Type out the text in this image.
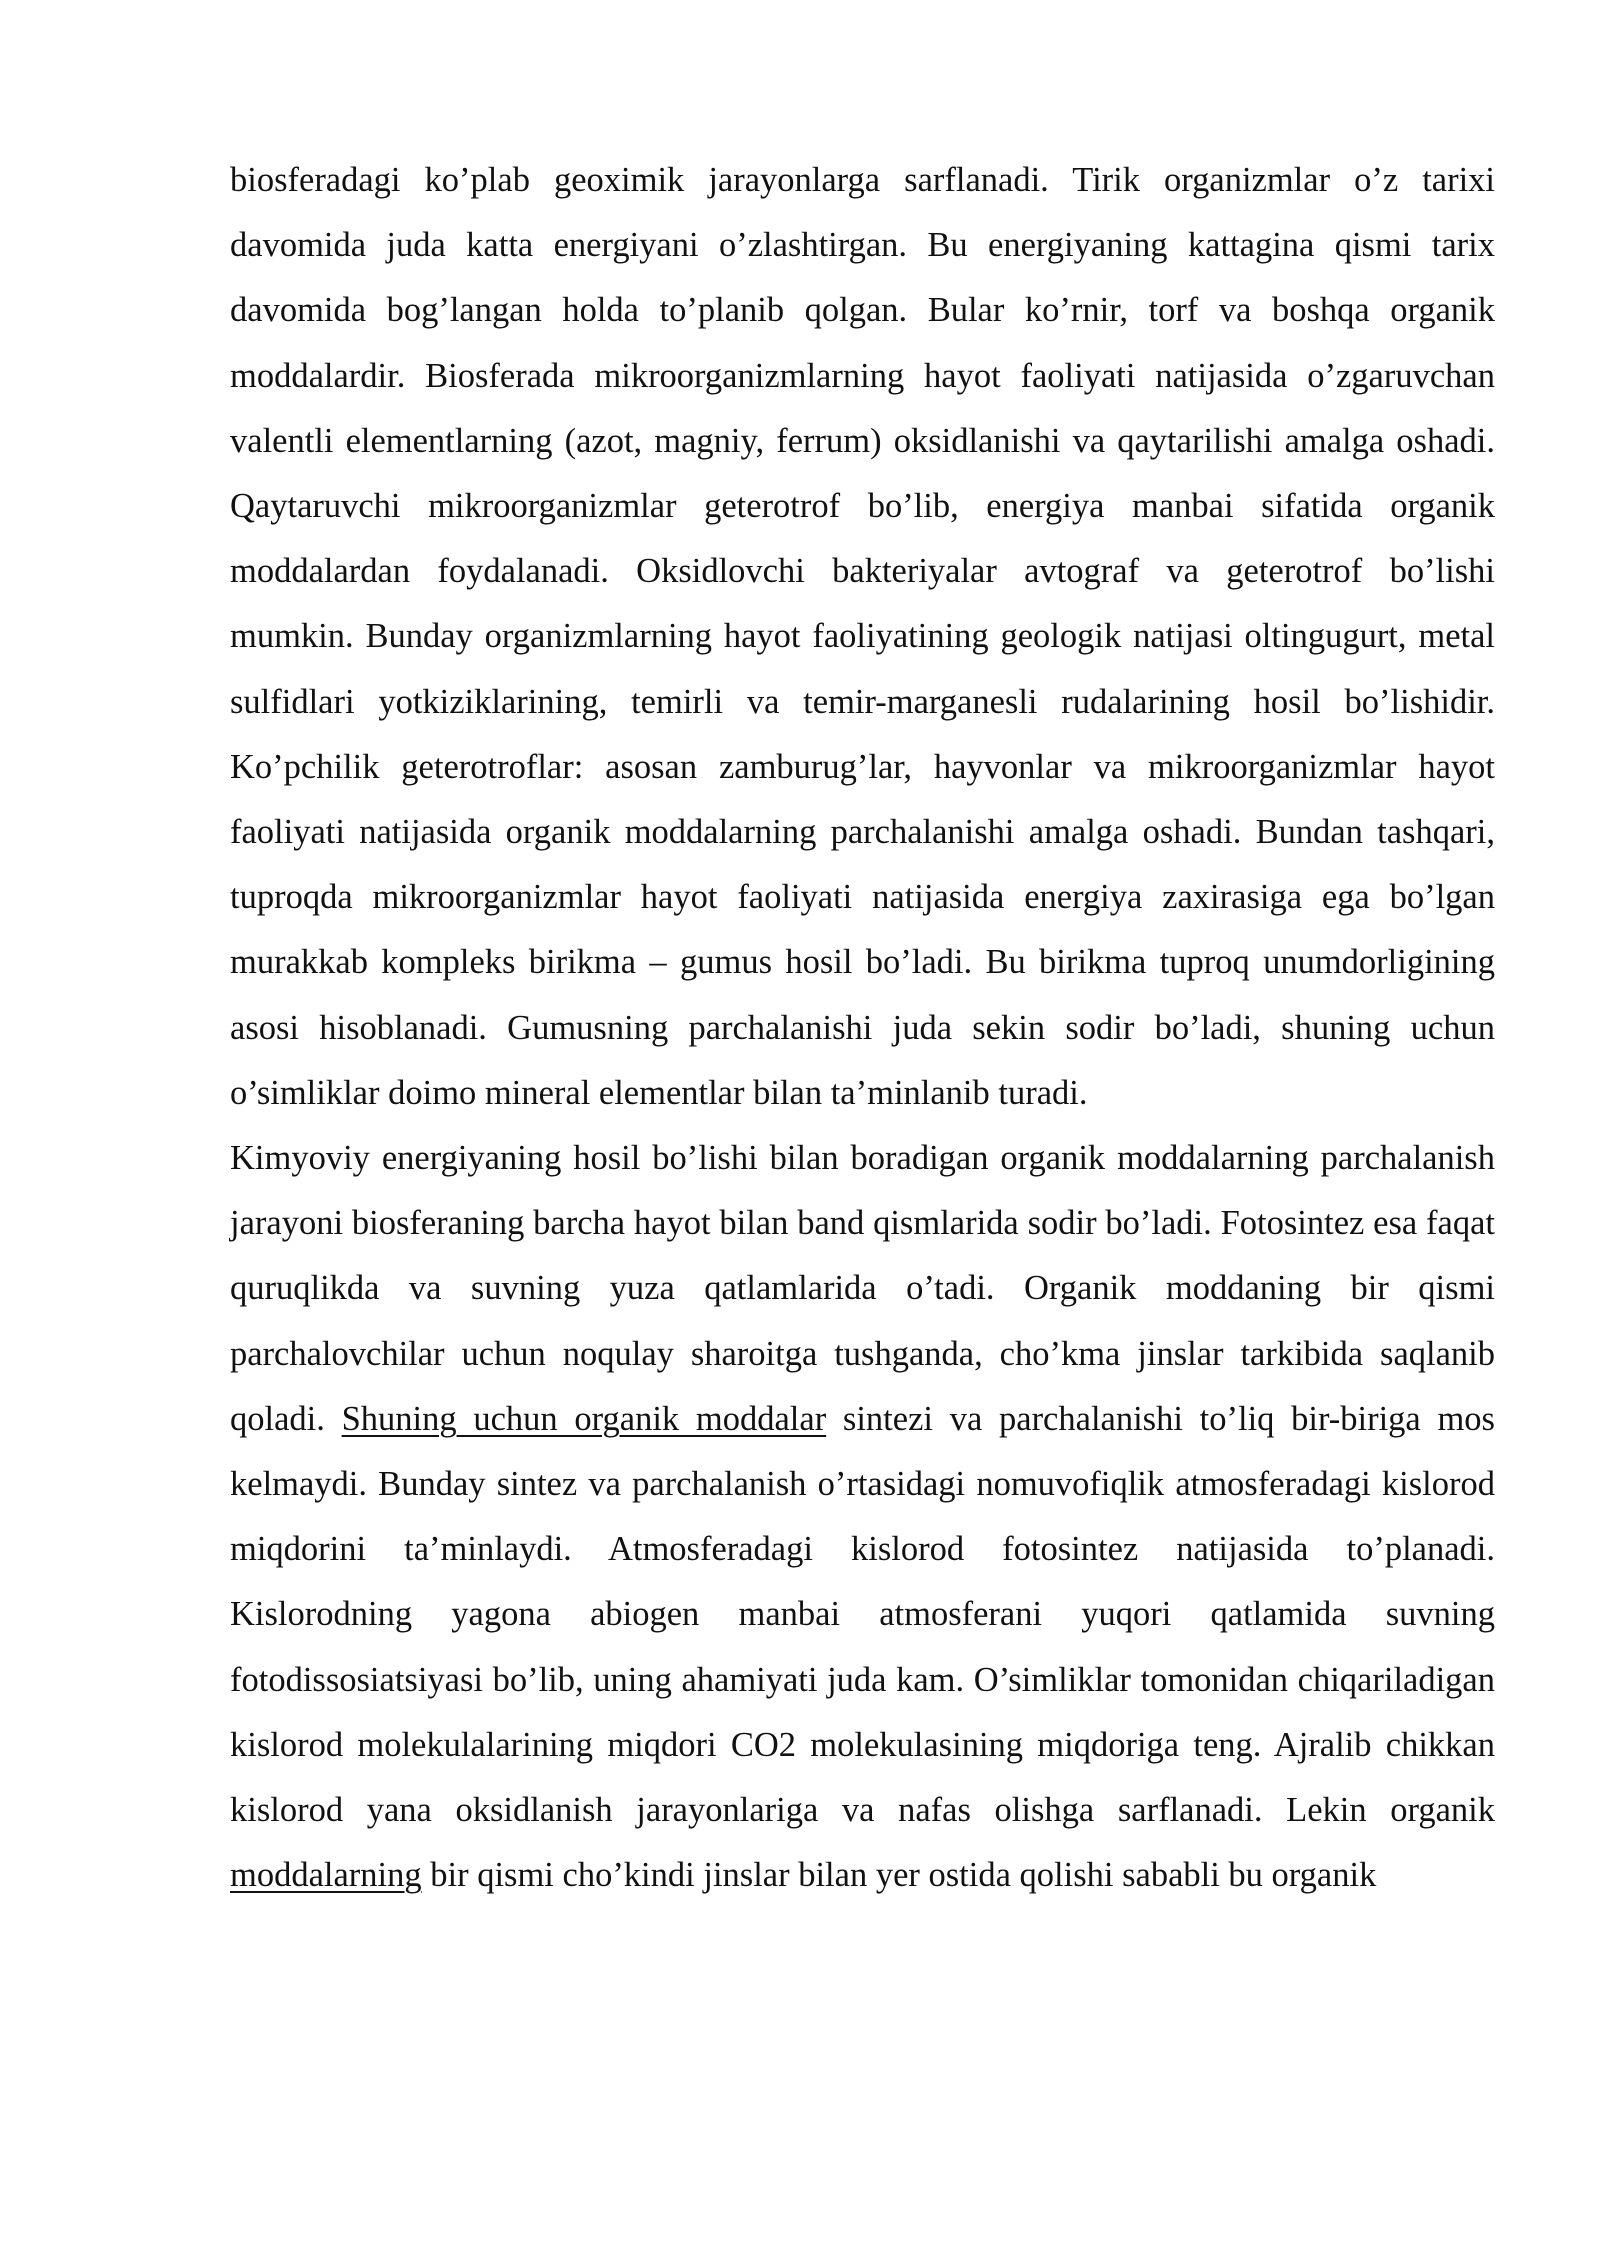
biosferadagi ko’plab geoximik jarayonlarga sarflanadi. Tirik organizmlar o’z tarixi davomida juda katta energiyani o’zlashtirgan. Bu energiyaning kattagina qismi tarix davomida bog’langan holda to’planib qolgan. Bular ko’rnir, torf va boshqa organik moddalardir. Biosferada mikroorganizmlarning hayot faoliyati natijasida o’zgaruvchan valentli elementlarning (azot, magniy, ferrum) oksidlanishi va qaytarilishi amalga oshadi. Qaytaruvchi mikroorganizmlar geterotrof bo’lib, energiya manbai sifatida organik moddalardan foydalanadi. Oksidlovchi bakteriyalar avtograf va geterotrof bo’lishi mumkin. Bunday organizmlarning hayot faoliyatining geologik natijasi oltingugurt, metal sulfidlari yotkiziklarining, temirli va temir-marganesli rudalarining hosil bo’lishidir. Ko’pchilik geterotroflar: asosan zamburug’lar, hayvonlar va mikroorganizmlar hayot faoliyati natijasida organik moddalarning parchalanishi amalga oshadi. Bundan tashqari, tuproqda mikroorganizmlar hayot faoliyati natijasida energiya zaxirasiga ega bo’lgan murakkab kompleks birikma – gumus hosil bo’ladi. Bu birikma tuproq unumdorligining asosi hisoblanadi. Gumusning parchalanishi juda sekin sodir bo’ladi, shuning uchun o’simliklar doimo mineral elementlar bilan ta’minlanib turadi.

Kimyoviy energiyaning hosil bo’lishi bilan boradigan organik moddalarning parchalanish jarayoni biosferaning barcha hayot bilan band qismlarida sodir bo’ladi. Fotosintez esa faqat quruqlikda va suvning yuza qatlamlarida o’tadi. Organik moddaning bir qismi parchalovchilar uchun noqulay sharoitga tushganda, cho’kma jinslar tarkibida saqlanib qoladi. Shuning uchun organik moddalar sintezi va parchalanishi to’liq bir-biriga mos kelmaydi. Bunday sintez va parchalanish o’rtasidagi nomuvofiqlik atmosferadagi kislorod miqdorini ta’minlaydi. Atmosferadagi kislorod fotosintez natijasida to’planadi. Kislorodning yagona abiogen manbai atmosferani yuqori qatlamida suvning fotodissosiatsiyasi bo’lib, uning ahamiyati juda kam. O’simliklar tomonidan chiqariladigan kislorod molekulalarining miqdori CO2 molekulasining miqdoriga teng. Ajralib chikkan kislorod yana oksidlanish jarayonlariga va nafas olishga sarflanadi. Lekin organik moddalarning bir qismi cho’kindi jinslar bilan yer ostida qolishi sababli bu organik
